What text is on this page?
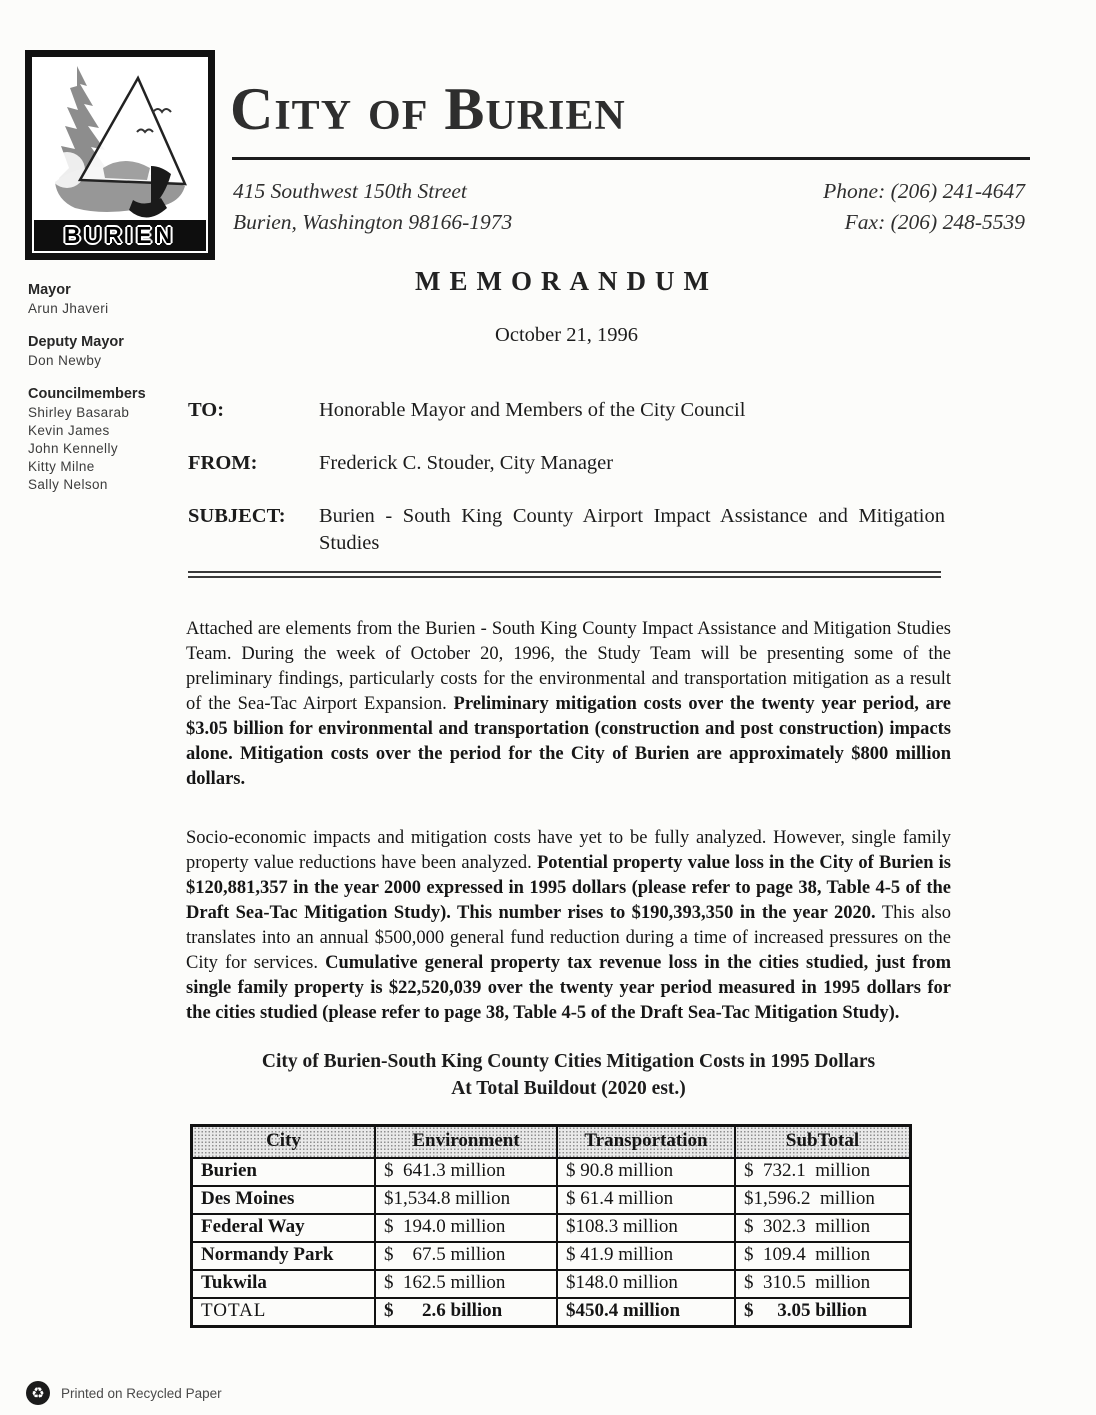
BURIEN
City of Burien
415 Southwest 150th Street
Burien, Washington 98166-1973
Phone: (206) 241-4647
Fax: (206) 248-5539
Mayor
Arun Jhaveri
Deputy Mayor
Don Newby
Councilmembers
Shirley Basarab
Kevin James
John Kennelly
Kitty Milne
Sally Nelson
MEMORANDUM
October 21, 1996
TO:	Honorable Mayor and Members of the City Council
FROM:	Frederick C. Stouder, City Manager
SUBJECT:	Burien - South King County Airport Impact Assistance and Mitigation Studies

Attached are elements from the Burien - South King County Impact Assistance and Mitigation Studies Team. During the week of October 20, 1996, the Study Team will be presenting some of the preliminary findings, particularly costs for the environmental and transportation mitigation as a result of the Sea-Tac Airport Expansion. Preliminary mitigation costs over the twenty year period, are $3.05 billion for environmental and transportation (construction and post construction) impacts alone. Mitigation costs over the period for the City of Burien are approximately $800 million dollars.

Socio-economic impacts and mitigation costs have yet to be fully analyzed. However, single family property value reductions have been analyzed. Potential property value loss in the City of Burien is $120,881,357 in the year 2000 expressed in 1995 dollars (please refer to page 38, Table 4-5 of the Draft Sea-Tac Mitigation Study). This number rises to $190,393,350 in the year 2020. This also translates into an annual $500,000 general fund reduction during a time of increased pressures on the City for services. Cumulative general property tax revenue loss in the cities studied, just from single family property is $22,520,039 over the twenty year period measured in 1995 dollars for the cities studied (please refer to page 38, Table 4-5 of the Draft Sea-Tac Mitigation Study).

City of Burien-South King County Cities Mitigation Costs in 1995 Dollars
At Total Buildout (2020 est.)
City	Environment	Transportation	SubTotal
Burien	$  641.3 million	$ 90.8 million	$  732.1  million
Des Moines	$1,534.8 million	$ 61.4 million	$1,596.2  million
Federal Way	$  194.0 million	$108.3 million	$  302.3  million
Normandy Park	$    67.5 million	$ 41.9 million	$  109.4  million
Tukwila	$  162.5 million	$148.0 million	$  310.5  million
TOTAL	$      2.6 billion	$450.4 million	$     3.05 billion
♻	Printed on Recycled Paper
